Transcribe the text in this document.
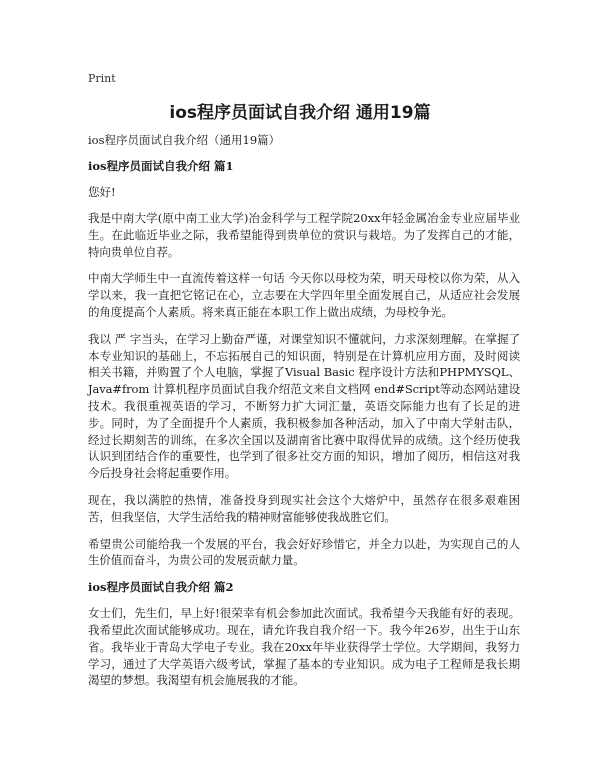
Print
ios程序员面试自我介绍 通用19篇

ios程序员面试自我介绍（通用19篇）

ios程序员面试自我介绍 篇1

您好!

我是中南大学(原中南工业大学)冶金科学与工程学院20xx年轻金属冶金专业应届毕业生。在此临近毕业之际，我希望能得到贵单位的赏识与栽培。为了发挥自己的才能，特向贵单位自荐。

中南大学师生中一直流传着这样一句话 今天你以母校为荣，明天母校以你为荣，从入学以来，我一直把它铭记在心，立志要在大学四年里全面发展自己，从适应社会发展的角度提高个人素质。将来真正能在本职工作上做出成绩，为母校争光。

我以 严 字当头，在学习上勤奋严谨，对课堂知识不懂就问，力求深刻理解。在掌握了本专业知识的基础上，不忘拓展自己的知识面，特别是在计算机应用方面，及时阅读相关书籍，并购置了个人电脑，掌握了Visual Basic 程序设计方法和PHPMYSQL、Java#from 计算机程序员面试自我介绍范文来自文档网 end#Script等动态网站建设技术。我很重视英语的学习，不断努力扩大词汇量，英语交际能力也有了长足的进步。同时，为了全面提升个人素质，我积极参加各种活动，加入了中南大学射击队，经过长期刻苦的训练，在多次全国以及湖南省比赛中取得优异的成绩。这个经历使我认识到团结合作的重要性，也学到了很多社交方面的知识，增加了阅历，相信这对我今后投身社会将起重要作用。

现在，我以满腔的热情，准备投身到现实社会这个大熔炉中，虽然存在很多艰难困苦，但我坚信，大学生活给我的精神财富能够使我战胜它们。

希望贵公司能给我一个发展的平台，我会好好珍惜它，并全力以赴，为实现自己的人生价值而奋斗，为贵公司的发展贡献力量。

ios程序员面试自我介绍 篇2

女士们，先生们，早上好!很荣幸有机会参加此次面试。我希望今天我能有好的表现。我希望此次面试能够成功。现在，请允许我自我介绍一下。我今年26岁，出生于山东省。我毕业于青岛大学电子专业。我在20xx年毕业获得学士学位。大学期间，我努力学习，通过了大学英语六级考试，掌握了基本的专业知识。成为电子工程师是我长期渴望的梦想。我渴望有机会施展我的才能。
